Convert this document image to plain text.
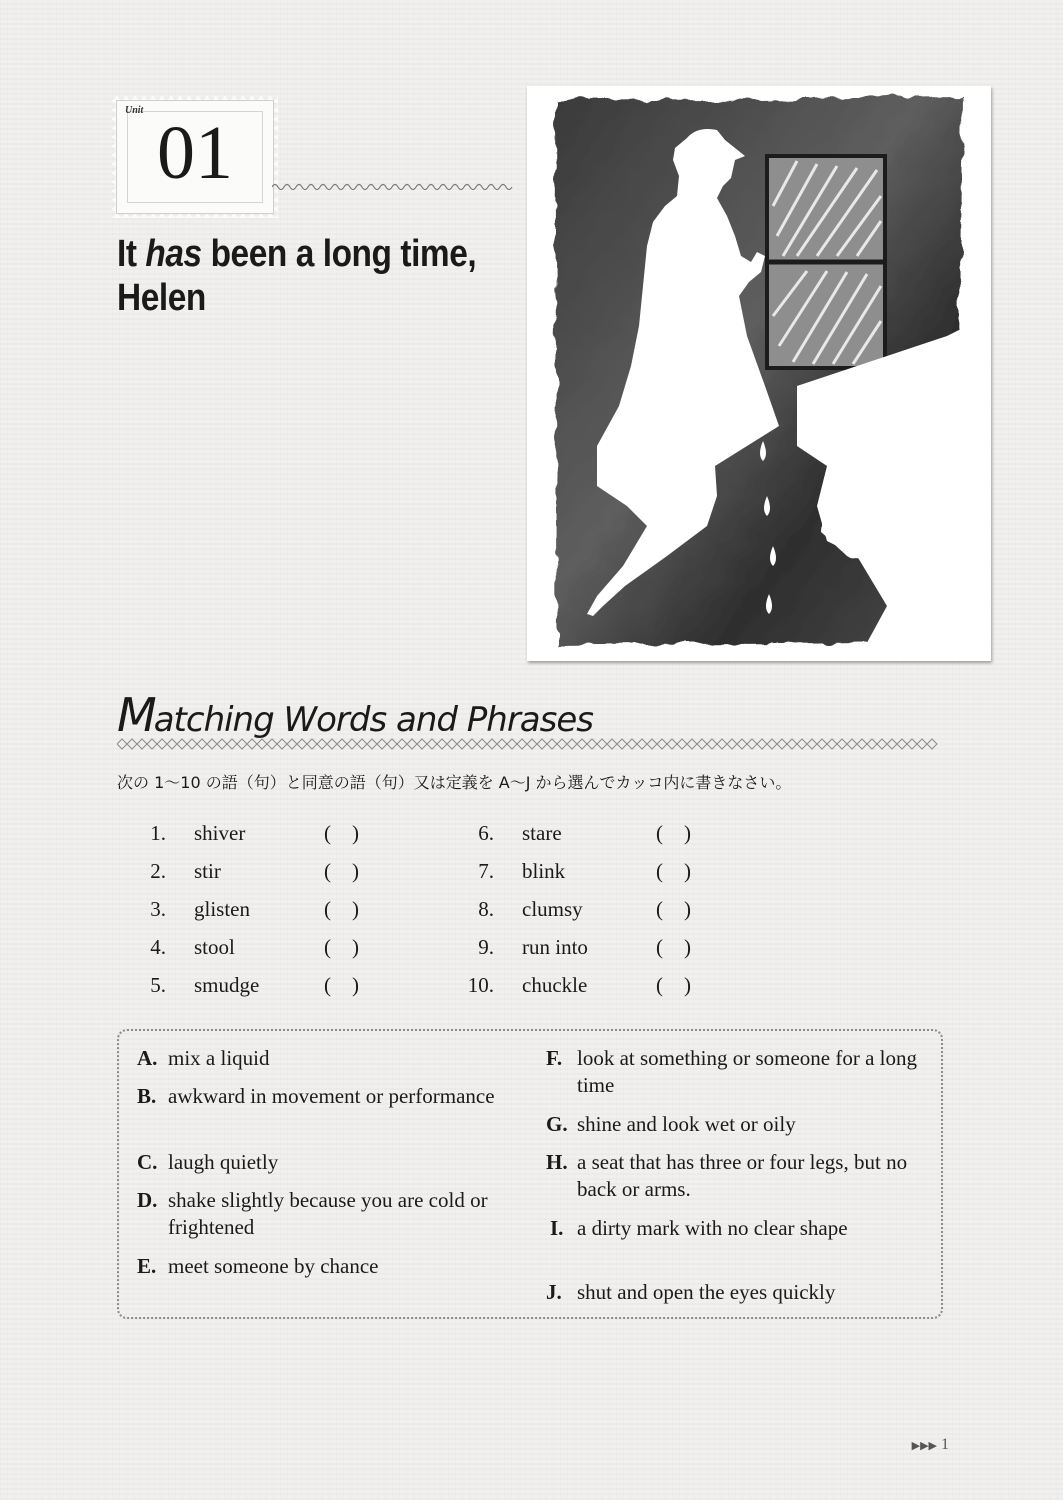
Unit
01
It has been a long time,
Helen
Matching Words and Phrases
次の 1〜10 の語（句）と同意の語（句）又は定義を A〜J から選んでカッコ内に書きなさい。
1. shiver	(　)
2. stir	(　)
3. glisten	(　)
4. stool	(　)
5. smudge	(　)
6. stare	(　)
7. blink	(　)
8. clumsy	(　)
9. run into	(　)
10. chuckle	(　)
A. mix a liquid
B. awkward in movement or performance
C. laugh quietly
D. shake slightly because you are cold or frightened
E. meet someone by chance
F. look at something or someone for a long time
G. shine and look wet or oily
H. a seat that has three or four legs, but no back or arms.
I. a dirty mark with no clear shape
J. shut and open the eyes quickly
▶▶▶ 1
